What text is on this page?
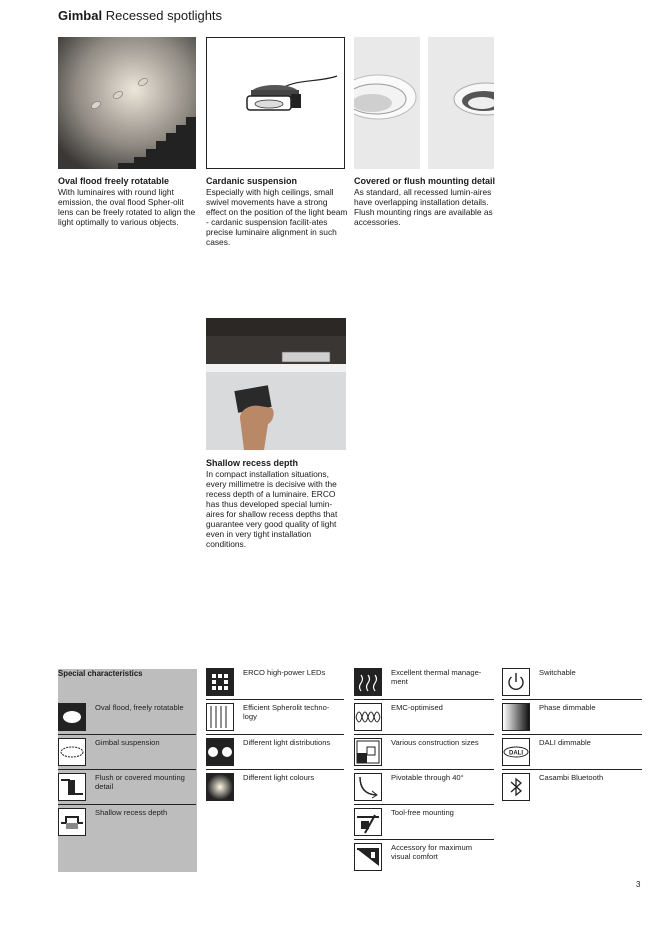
Gimbal Recessed spotlights
Oval flood freely rotatable
With luminaires with round light emission, the oval flood Spher-olit lens can be freely rotated to align the light optimally to various objects.
Cardanic suspension
Especially with high ceilings, small swivel movements have a strong effect on the position of the light beam - cardanic suspension facilit-ates precise luminaire alignment in such cases.
Covered or flush mounting detail
As standard, all recessed lumin-aires have overlapping installation details. Flush mounting rings are available as accessories.
Shallow recess depth
In compact installation situations, every millimetre is decisive with the recess depth of a luminaire. ERCO has thus developed special lumin-aires for shallow recess depths that guarantee very good quality of light even in very tight installation conditions.
Special characteristics
Oval flood, freely rotatable
Gimbal suspension
Flush or covered mounting detail
Shallow recess depth
ERCO high-power LEDs
Efficient Spherolit techno-logy
Different light distributions
Different light colours
Excellent thermal manage-ment
EMC-optimised
Various construction sizes
Pivotable through 40°
Tool-free mounting
Accessory for maximum visual comfort
Switchable
Phase dimmable
DALI
DALI dimmable
Casambi Bluetooth
3
